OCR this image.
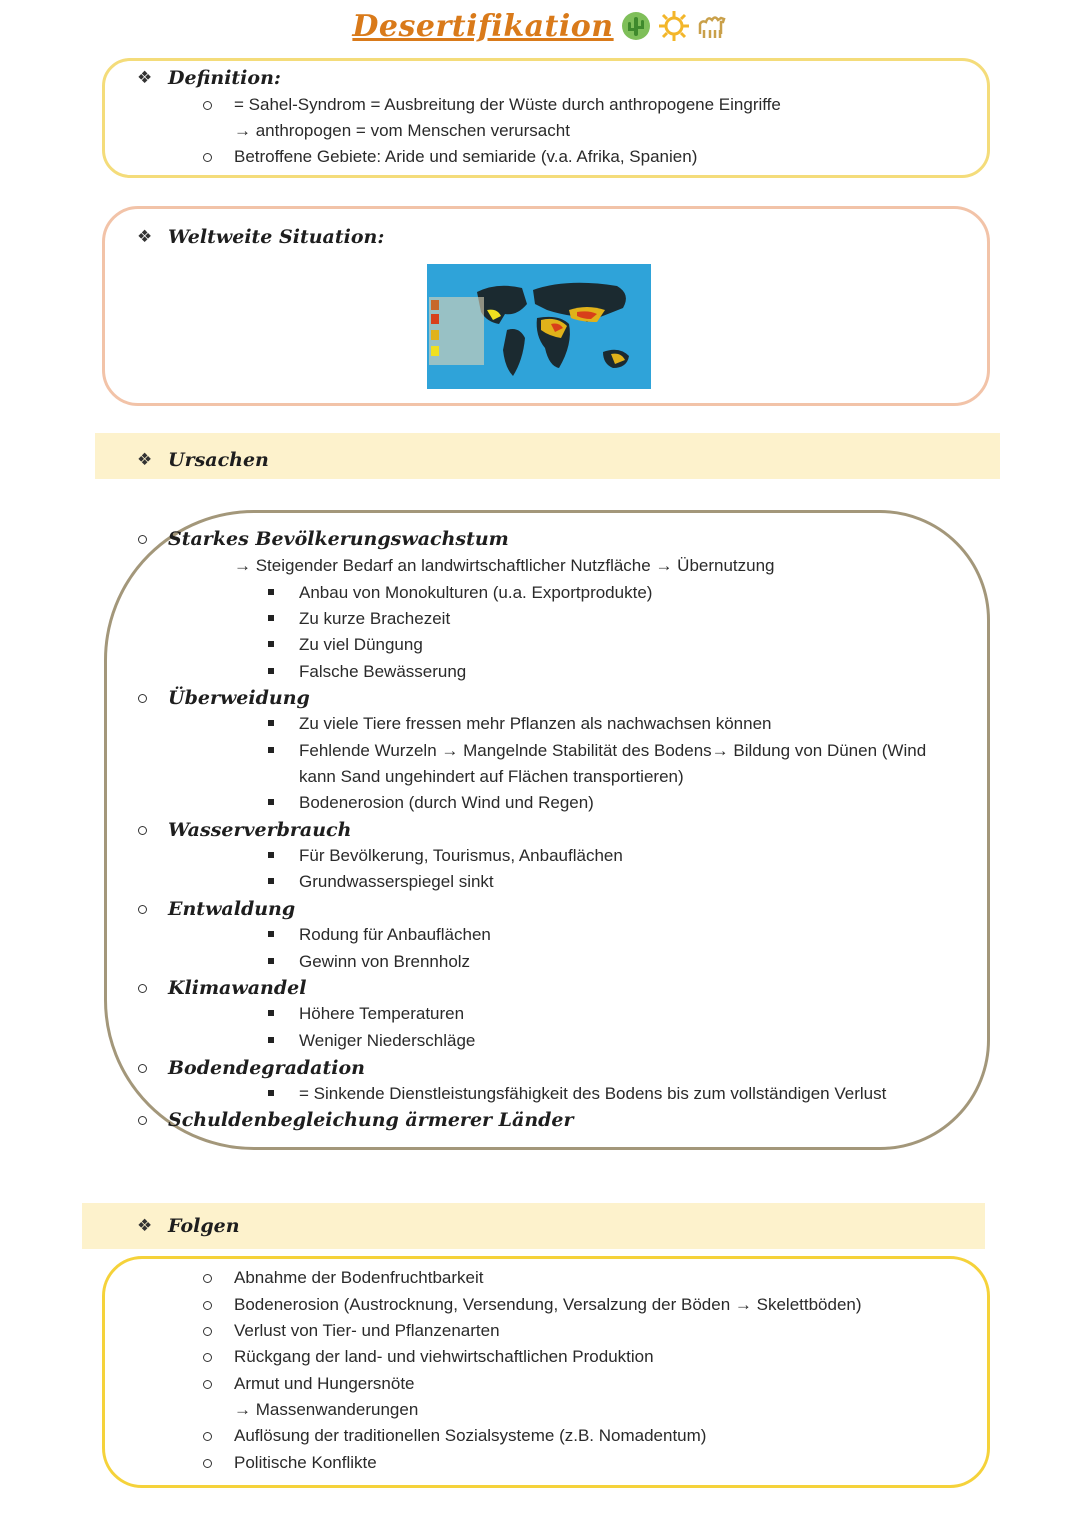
Desertifikation
❖ Definition:
= Sahel-Syndrom = Ausbreitung der Wüste durch anthropogene Eingriffe
→ anthropogen = vom Menschen verursacht
Betroffene Gebiete: Aride und semiaride (v.a. Afrika, Spanien)
❖ Weltweite Situation:
❖ Ursachen
Starkes Bevölkerungswachstum
→ Steigender Bedarf an landwirtschaftlicher Nutzfläche → Übernutzung
Anbau von Monokulturen (u.a. Exportprodukte)
Zu kurze Brachezeit
Zu viel Düngung
Falsche Bewässerung
Überweidung
Zu viele Tiere fressen mehr Pflanzen als nachwachsen können
Fehlende Wurzeln → Mangelnde Stabilität des Bodens→ Bildung von Dünen (Wind
kann Sand ungehindert auf Flächen transportieren)
Bodenerosion (durch Wind und Regen)
Wasserverbrauch
Für Bevölkerung, Tourismus, Anbauflächen
Grundwasserspiegel sinkt
Entwaldung
Rodung für Anbauflächen
Gewinn von Brennholz
Klimawandel
Höhere Temperaturen
Weniger Niederschläge
Bodendegradation
= Sinkende Dienstleistungsfähigkeit des Bodens bis zum vollständigen Verlust
Schuldenbegleichung ärmerer Länder
❖ Folgen
Abnahme der Bodenfruchtbarkeit
Bodenerosion (Austrocknung, Versendung, Versalzung der Böden → Skelettböden)
Verlust von Tier- und Pflanzenarten
Rückgang der land- und viehwirtschaftlichen Produktion
Armut und Hungersnöte
→ Massenwanderungen
Auflösung der traditionellen Sozialsysteme (z.B. Nomadentum)
Politische Konflikte
